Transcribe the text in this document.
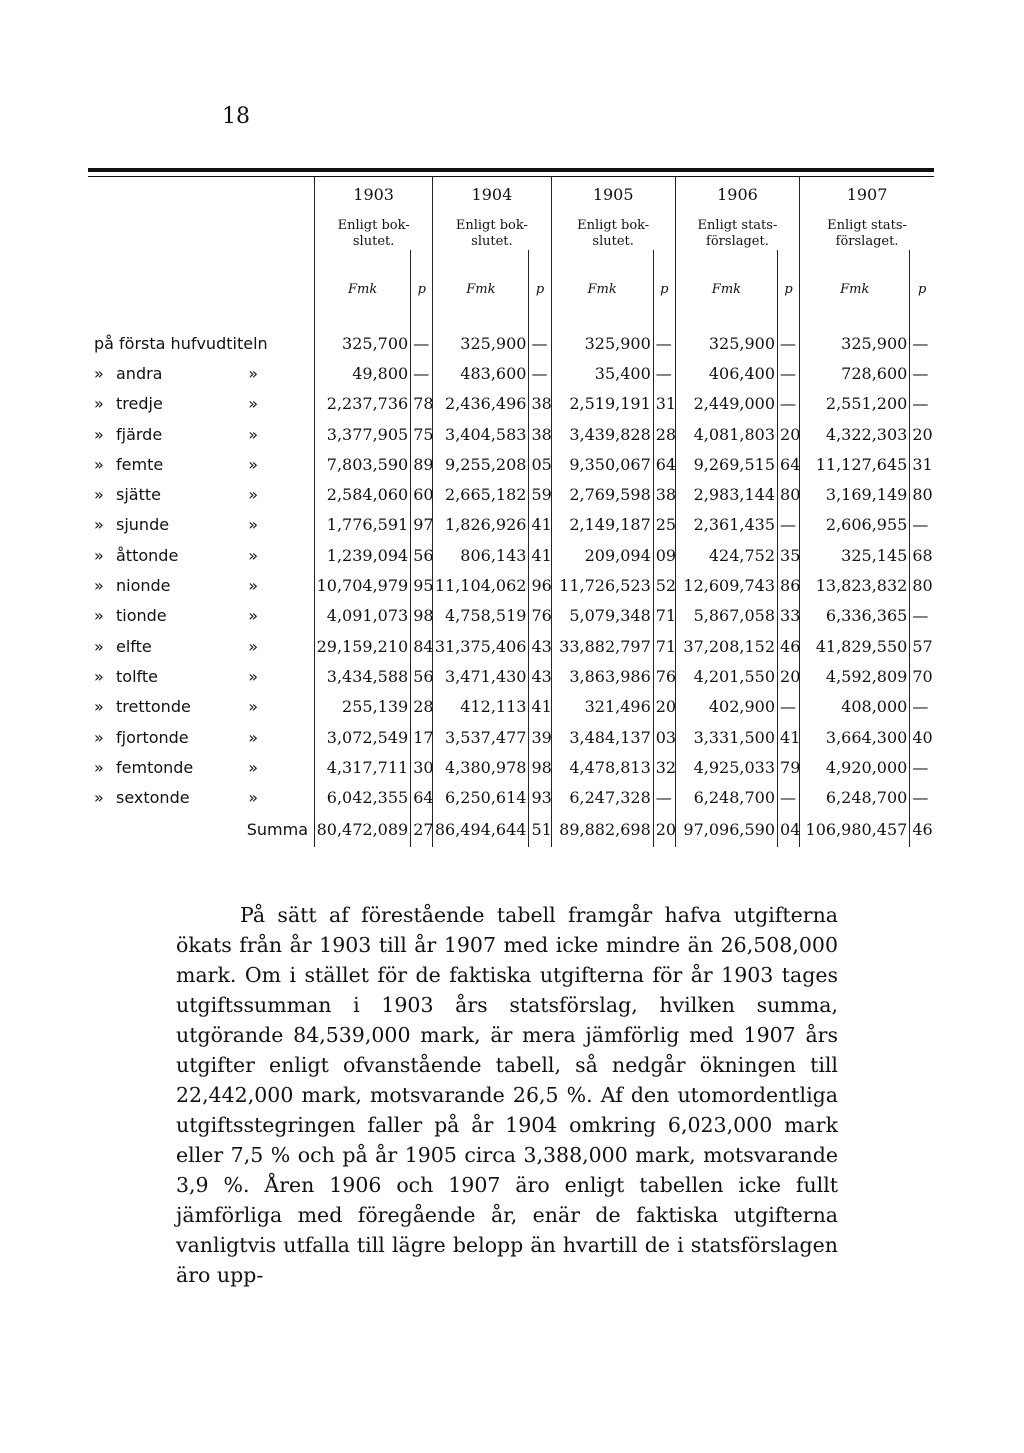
18

	1903
Enligt bok-
slutet.		1904
Enligt bok-
slutet.		1905
Enligt bok-
slutet.		1906
Enligt stats-
förslaget.		1907
Enligt stats-
förslaget.	

	Fmk	p	Fmk	p	Fmk	p	Fmk	p	Fmk	p
på första hufvudtiteln	325,700	—	325,900	—	325,900	—	325,900	—	325,900	—
» andra »	49,800	—	483,600	—	35,400	—	406,400	—	728,600	—
» tredje »	2,237,736	78	2,436,496	38	2,519,191	31	2,449,000	—	2,551,200	—
» fjärde »	3,377,905	75	3,404,583	38	3,439,828	28	4,081,803	20	4,322,303	20
» femte »	7,803,590	89	9,255,208	05	9,350,067	64	9,269,515	64	11,127,645	31
» sjätte »	2,584,060	60	2,665,182	59	2,769,598	38	2,983,144	80	3,169,149	80
» sjunde »	1,776,591	97	1,826,926	41	2,149,187	25	2,361,435	—	2,606,955	—
» åttonde »	1,239,094	56	806,143	41	209,094	09	424,752	35	325,145	68
» nionde »	10,704,979	95	11,104,062	96	11,726,523	52	12,609,743	86	13,823,832	80
» tionde »	4,091,073	98	4,758,519	76	5,079,348	71	5,867,058	33	6,336,365	—
» elfte »	29,159,210	84	31,375,406	43	33,882,797	71	37,208,152	46	41,829,550	57
» tolfte »	3,434,588	56	3,471,430	43	3,863,986	76	4,201,550	20	4,592,809	70
» trettonde »	255,139	28	412,113	41	321,496	20	402,900	—	408,000	—
» fjortonde »	3,072,549	17	3,537,477	39	3,484,137	03	3,331,500	41	3,664,300	40
» femtonde »	4,317,711	30	4,380,978	98	4,478,813	32	4,925,033	79	4,920,000	—
» sextonde »	6,042,355	64	6,250,614	93	6,247,328	—	6,248,700	—	6,248,700	—
Summa	80,472,089	27	86,494,644	51	89,882,698	20	97,096,590	04	106,980,457	46

På sätt af förestående tabell framgår hafva utgifterna ökats från år 1903 till år 1907 med icke mindre än 26,508,000 mark. Om i stället för de faktiska utgifterna för år 1903 tages utgiftssumman i 1903 års statsförslag, hvilken summa, utgörande 84,539,000 mark, är mera jämförlig med 1907 års utgifter enligt ofvanstående tabell, så nedgår ökningen till 22,442,000 mark, motsvarande 26,5 %. Af den utomordentliga utgiftsstegringen faller på år 1904 omkring 6,023,000 mark eller 7,5 % och på år 1905 circa 3,388,000 mark, motsvarande 3,9 %. Åren 1906 och 1907 äro enligt tabellen icke fullt jämförliga med föregående år, enär de faktiska utgifterna vanligtvis utfalla till lägre belopp än hvartill de i statsförslagen äro upp-
